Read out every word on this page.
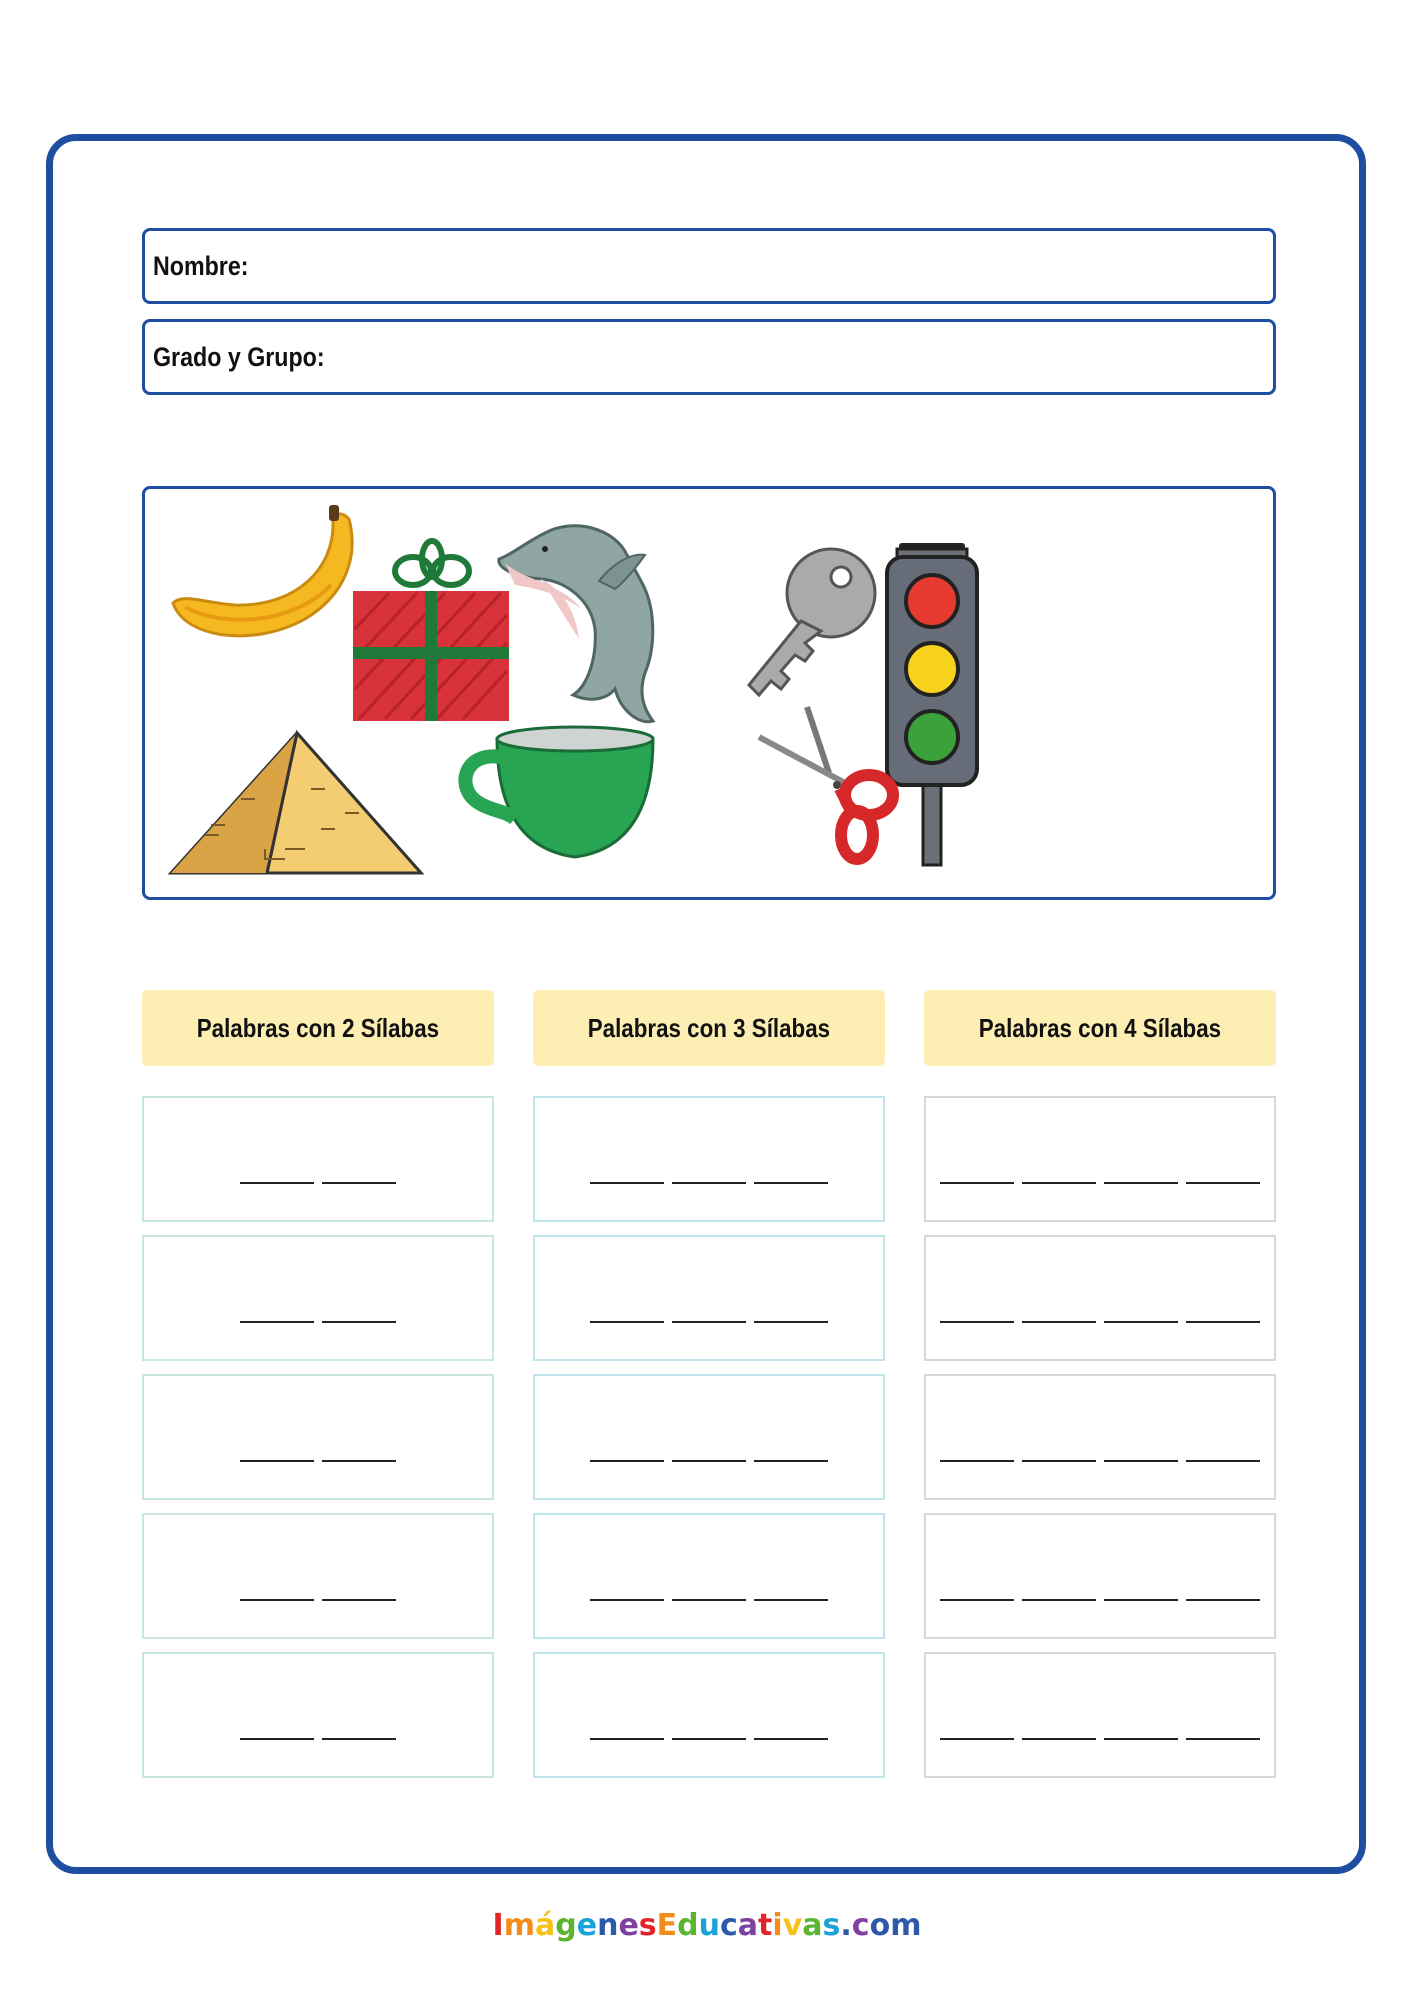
Nombre:
Grado y Grupo:
Palabras con 2 Sílabas	Palabras con 3 Sílabas	Palabras con 4 Sílabas
ImágenesEducativas.com
